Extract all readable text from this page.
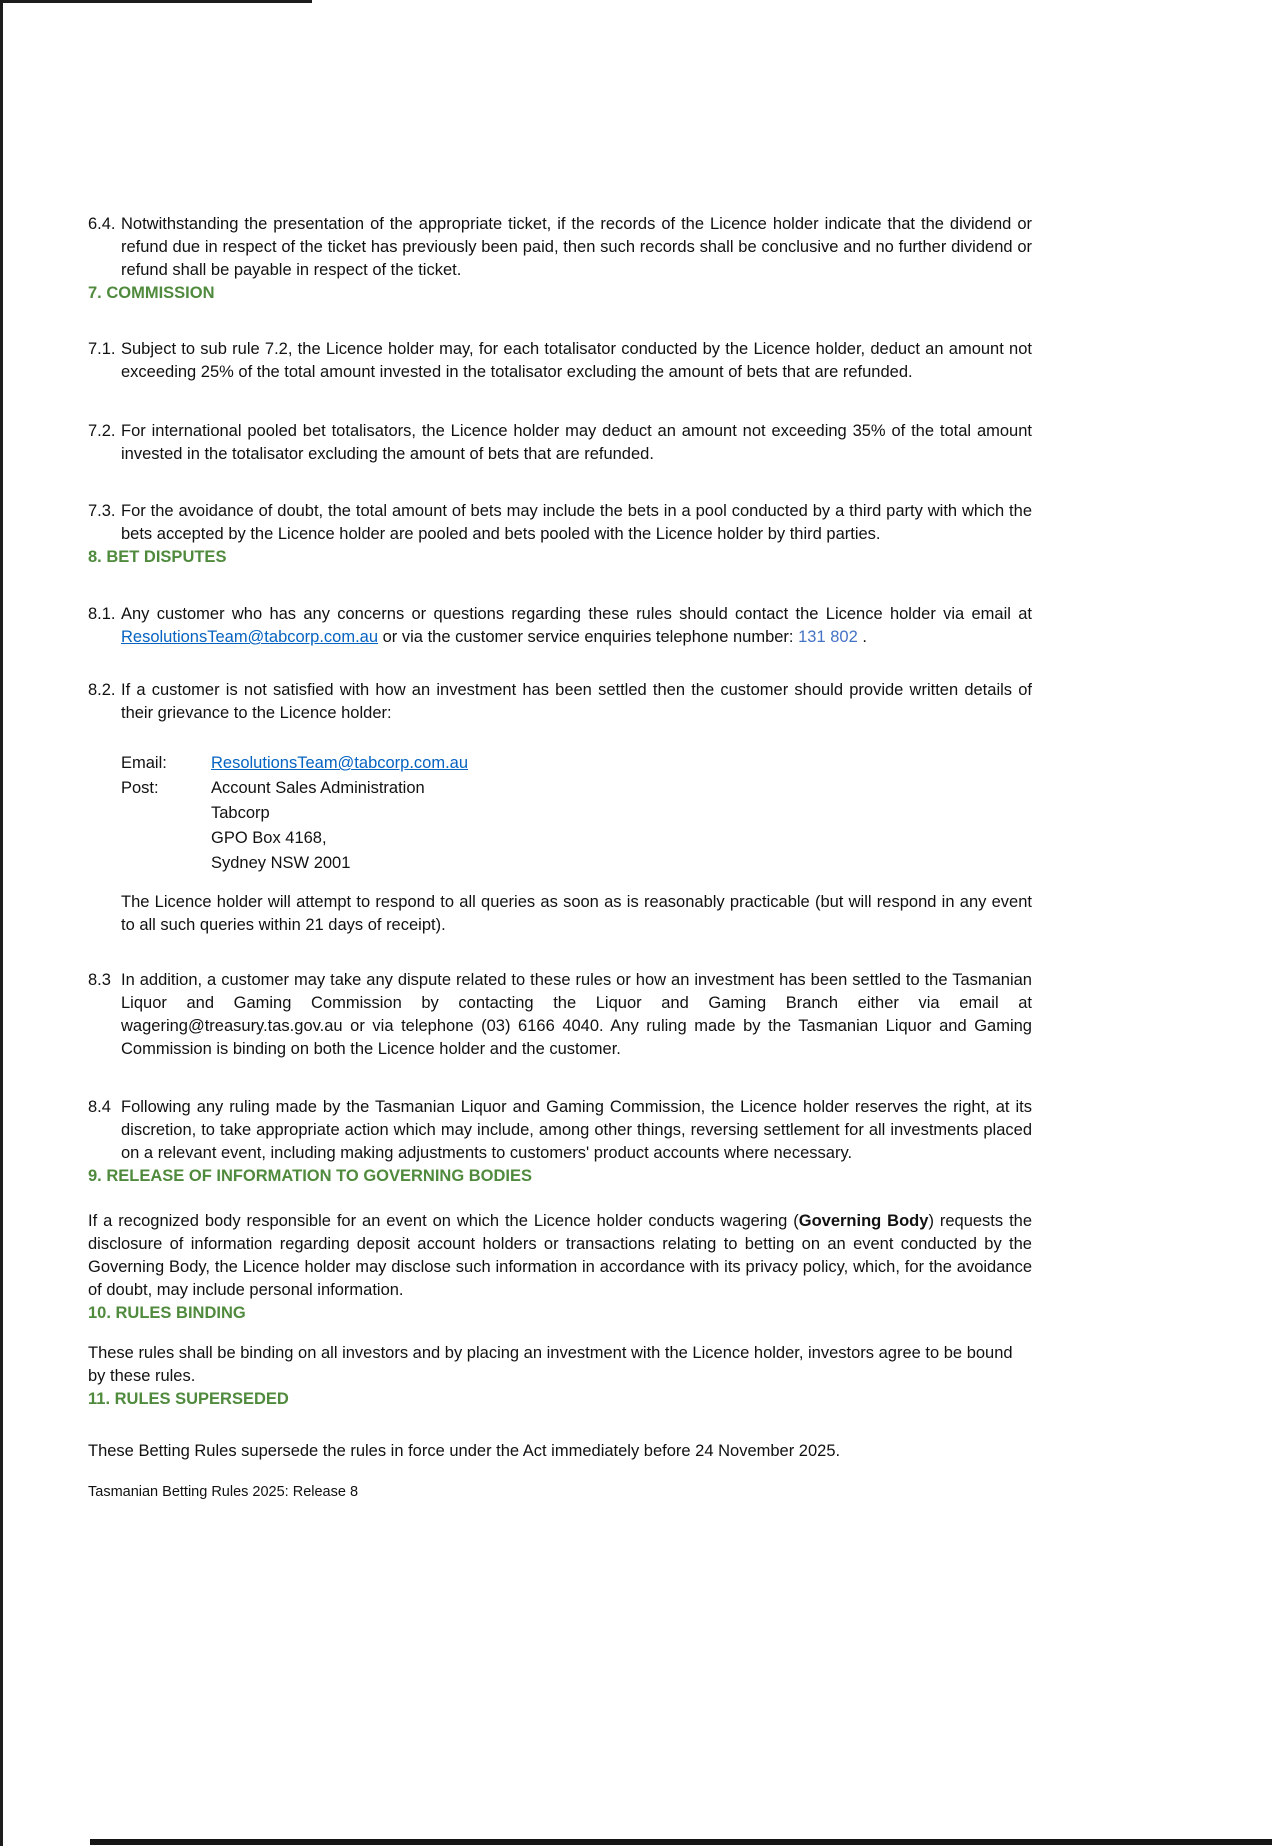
6.4. Notwithstanding the presentation of the appropriate ticket, if the records of the Licence holder indicate that the dividend or refund due in respect of the ticket has previously been paid, then such records shall be conclusive and no further dividend or refund shall be payable in respect of the ticket.
7. COMMISSION
7.1. Subject to sub rule 7.2, the Licence holder may, for each totalisator conducted by the Licence holder, deduct an amount not exceeding 25% of the total amount invested in the totalisator excluding the amount of bets that are refunded.
7.2. For international pooled bet totalisators, the Licence holder may deduct an amount not exceeding 35% of the total amount invested in the totalisator excluding the amount of bets that are refunded.
7.3. For the avoidance of doubt, the total amount of bets may include the bets in a pool conducted by a third party with which the bets accepted by the Licence holder are pooled and bets pooled with the Licence holder by third parties.
8. BET DISPUTES
8.1. Any customer who has any concerns or questions regarding these rules should contact the Licence holder via email at ResolutionsTeam@tabcorp.com.au or via the customer service enquiries telephone number: 131 802 .
8.2. If a customer is not satisfied with how an investment has been settled then the customer should provide written details of their grievance to the Licence holder:
Email:	ResolutionsTeam@tabcorp.com.au
Post:	Account Sales Administration
Tabcorp
GPO Box 4168,
Sydney NSW 2001
The Licence holder will attempt to respond to all queries as soon as is reasonably practicable (but will respond in any event to all such queries within 21 days of receipt).
8.3 In addition, a customer may take any dispute related to these rules or how an investment has been settled to the Tasmanian Liquor and Gaming Commission by contacting the Liquor and Gaming Branch either via email at wagering@treasury.tas.gov.au or via telephone (03) 6166 4040. Any ruling made by the Tasmanian Liquor and Gaming Commission is binding on both the Licence holder and the customer.
8.4 Following any ruling made by the Tasmanian Liquor and Gaming Commission, the Licence holder reserves the right, at its discretion, to take appropriate action which may include, among other things, reversing settlement for all investments placed on a relevant event, including making adjustments to customers' product accounts where necessary.
9. RELEASE OF INFORMATION TO GOVERNING BODIES
If a recognized body responsible for an event on which the Licence holder conducts wagering (Governing Body) requests the disclosure of information regarding deposit account holders or transactions relating to betting on an event conducted by the Governing Body, the Licence holder may disclose such information in accordance with its privacy policy, which, for the avoidance of doubt, may include personal information.
10. RULES BINDING
These rules shall be binding on all investors and by placing an investment with the Licence holder, investors agree to be bound by these rules.
11. RULES SUPERSEDED
These Betting Rules supersede the rules in force under the Act immediately before 24 November 2025.
Tasmanian Betting Rules 2025: Release 8
